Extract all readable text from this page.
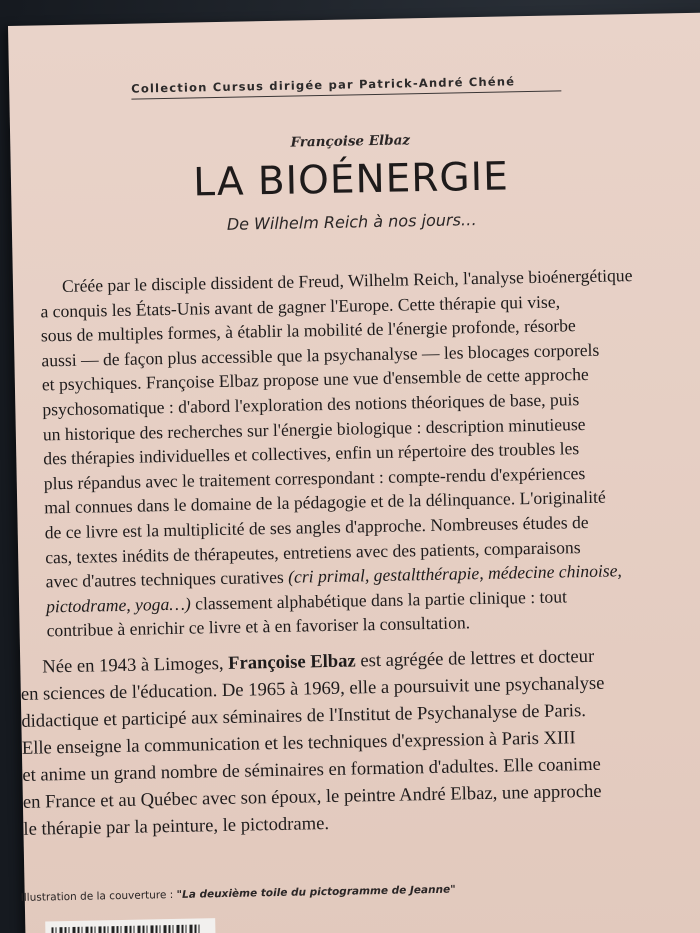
Collection Cursus dirigée par Patrick-André Chéné
Françoise Elbaz
LA BIOÉNERGIE
De Wilhelm Reich à nos jours…
Créée par le disciple dissident de Freud, Wilhelm Reich, l'analyse bioénergétique
a conquis les États-Unis avant de gagner l'Europe. Cette thérapie qui vise,
sous de multiples formes, à établir la mobilité de l'énergie profonde, résorbe
aussi — de façon plus accessible que la psychanalyse — les blocages corporels
et psychiques. Françoise Elbaz propose une vue d'ensemble de cette approche
psychosomatique : d'abord l'exploration des notions théoriques de base, puis
un historique des recherches sur l'énergie biologique : description minutieuse
des thérapies individuelles et collectives, enfin un répertoire des troubles les
plus répandus avec le traitement correspondant : compte-rendu d'expériences
mal connues dans le domaine de la pédagogie et de la délinquance. L'originalité
de ce livre est la multiplicité de ses angles d'approche. Nombreuses études de
cas, textes inédits de thérapeutes, entretiens avec des patients, comparaisons
avec d'autres techniques curatives (cri primal, gestaltthérapie, médecine chinoise,
pictodrame, yoga…) classement alphabétique dans la partie clinique : tout
contribue à enrichir ce livre et à en favoriser la consultation.
Née en 1943 à Limoges, Françoise Elbaz est agrégée de lettres et docteur
en sciences de l'éducation. De 1965 à 1969, elle a poursuivit une psychanalyse
didactique et participé aux séminaires de l'Institut de Psychanalyse de Paris.
Elle enseigne la communication et les techniques d'expression à Paris XIII
et anime un grand nombre de séminaires en formation d'adultes. Elle coanime
en France et au Québec avec son époux, le peintre André Elbaz, une approche
le thérapie par la peinture, le pictodrame.
Illustration de la couverture : "La deuxième toile du pictogramme de Jeanne"
